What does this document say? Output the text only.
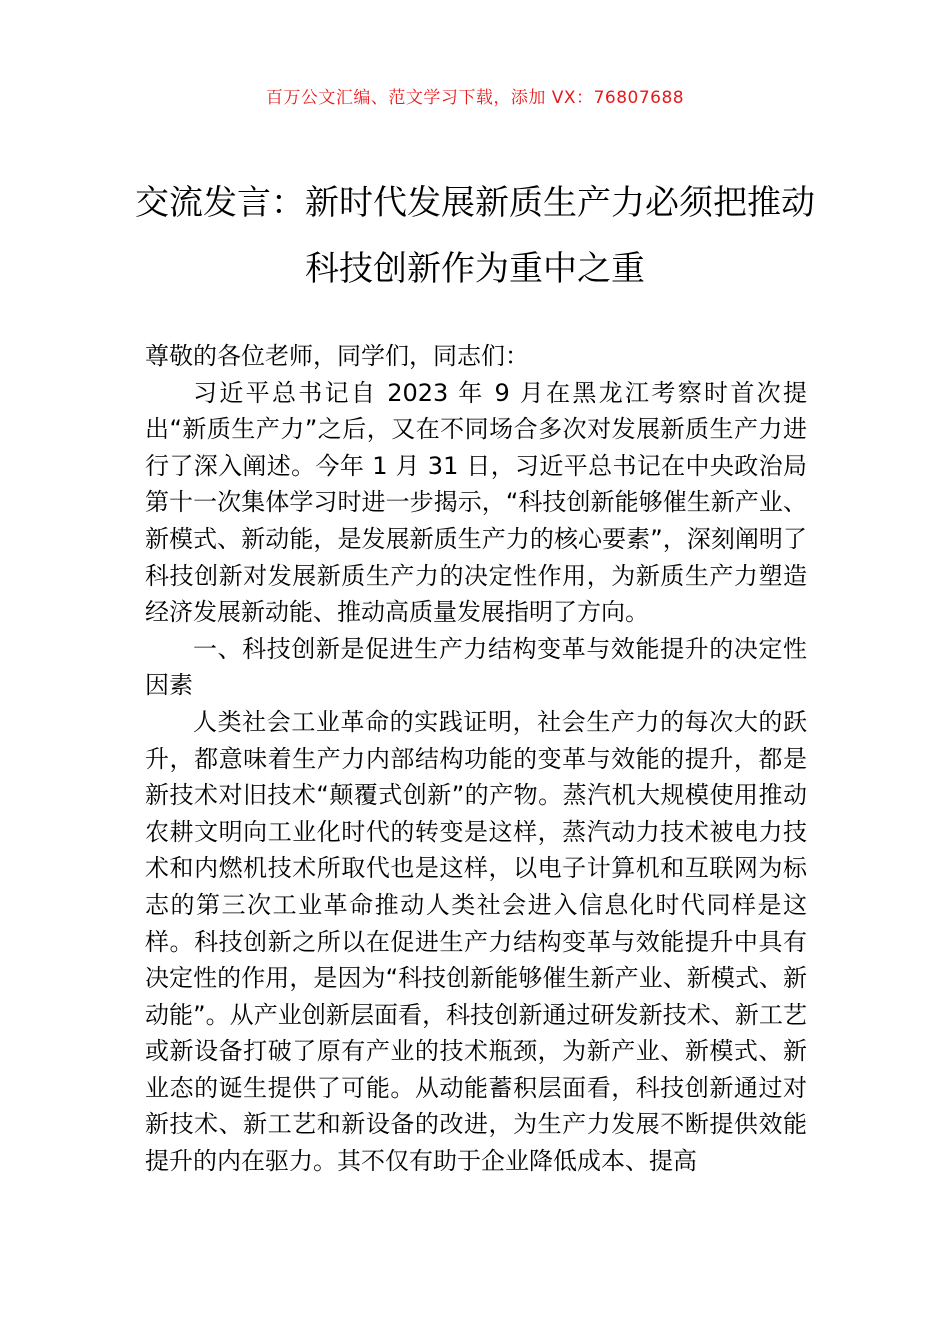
百万公文汇编、范文学习下载，添加 VX：76807688
交流发言：新时代发展新质生产力必须把推动科技创新作为重中之重

尊敬的各位老师，同学们，同志们：

习近平总书记自 2023 年 9 月在黑龙江考察时首次提出“新质生产力”之后，又在不同场合多次对发展新质生产力进行了深入阐述。今年 1 月 31 日，习近平总书记在中央政治局第十一次集体学习时进一步揭示，“科技创新能够催生新产业、新模式、新动能，是发展新质生产力的核心要素”，深刻阐明了科技创新对发展新质生产力的决定性作用，为新质生产力塑造经济发展新动能、推动高质量发展指明了方向。

一、科技创新是促进生产力结构变革与效能提升的决定性因素

人类社会工业革命的实践证明，社会生产力的每次大的跃升，都意味着生产力内部结构功能的变革与效能的提升，都是新技术对旧技术“颠覆式创新”的产物。蒸汽机大规模使用推动农耕文明向工业化时代的转变是这样，蒸汽动力技术被电力技术和内燃机技术所取代也是这样，以电子计算机和互联网为标志的第三次工业革命推动人类社会进入信息化时代同样是这样。科技创新之所以在促进生产力结构变革与效能提升中具有决定性的作用，是因为“科技创新能够催生新产业、新模式、新动能”。从产业创新层面看，科技创新通过研发新技术、新工艺或新设备打破了原有产业的技术瓶颈，为新产业、新模式、新业态的诞生提供了可能。从动能蓄积层面看，科技创新通过对新技术、新工艺和新设备的改进，为生产力发展不断提供效能提升的内在驱力。其不仅有助于企业降低成本、提高
